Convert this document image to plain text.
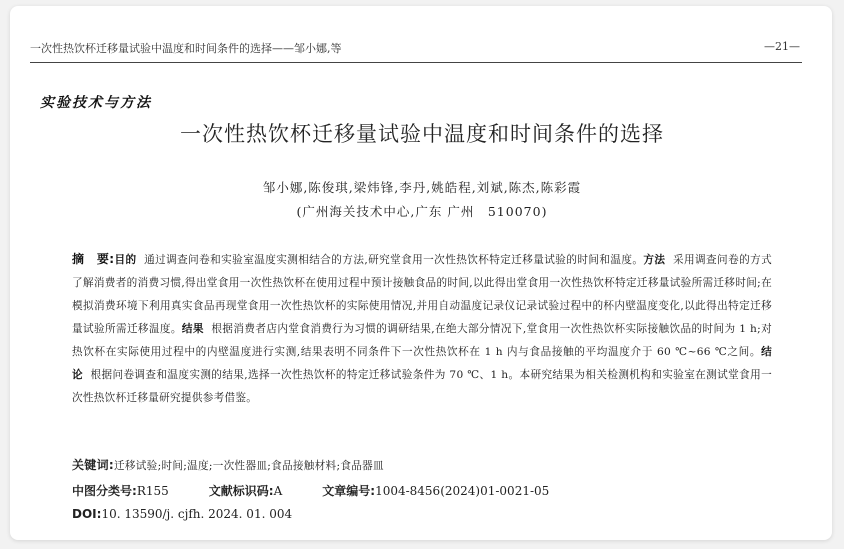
一次性热饮杯迁移量试验中温度和时间条件的选择——邹小娜,等	—21—
实验技术与方法
一次性热饮杯迁移量试验中温度和时间条件的选择
邹小娜,陈俊琪,梁炜锋,李丹,姚皓程,刘斌,陈杰,陈彩霞
(广州海关技术中心,广东 广州　510070)
摘　要:目的 通过调查问卷和实验室温度实测相结合的方法,研究堂食用一次性热饮杯特定迁移量试验的时间和温度。方法 采用调查问卷的方式了解消费者的消费习惯,得出堂食用一次性热饮杯在使用过程中预计接触食品的时间,以此得出堂食用一次性热饮杯特定迁移量试验所需迁移时间;在模拟消费环境下利用真实食品再现堂食用一次性热饮杯的实际使用情况,并用自动温度记录仪记录试验过程中的杯内壁温度变化,以此得出特定迁移量试验所需迁移温度。结果 根据消费者店内堂食消费行为习惯的调研结果,在绝大部分情况下,堂食用一次性热饮杯实际接触饮品的时间为 1 h;对热饮杯在实际使用过程中的内壁温度进行实测,结果表明不同条件下一次性热饮杯在 1 h 内与食品接触的平均温度介于 60 ℃~66 ℃之间。结论 根据问卷调查和温度实测的结果,选择一次性热饮杯的特定迁移试验条件为 70 ℃、1 h。本研究结果为相关检测机构和实验室在测试堂食用一次性热饮杯迁移量研究提供参考借鉴。
关键词:迁移试验;时间;温度;一次性器皿;食品接触材料;食品器皿
中图分类号:R155	文献标识码:A	文章编号:1004-8456(2024)01-0021-05
DOI:10. 13590/j. cjfh. 2024. 01. 004
